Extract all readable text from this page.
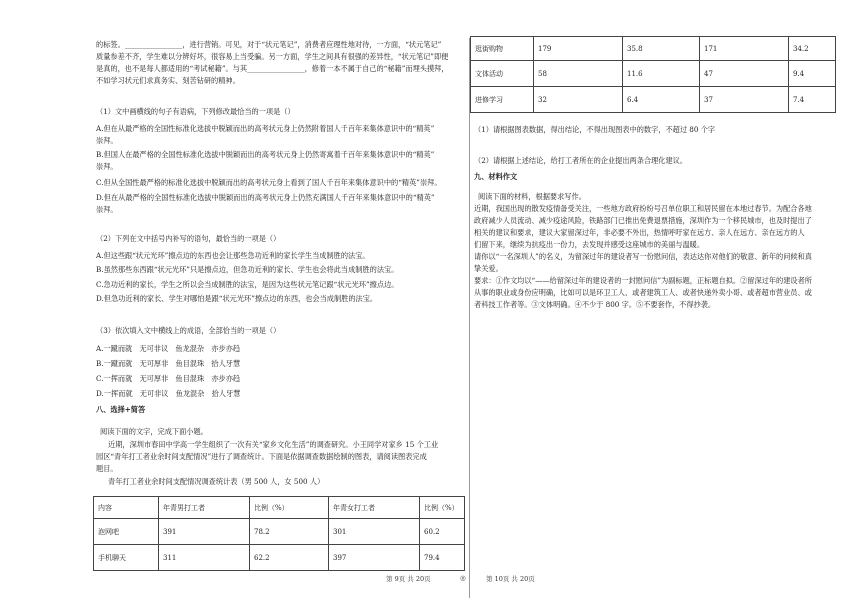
的标签。________________，进行营销。可见，对于“状元笔记”，消费者应理性地对待，一方面，“状元笔记”
质量参差不齐，学生难以分辨好坏，很容易上当受骗。另一方面，学生之间具有很强的差异性，“状元笔记”即便
是真的，也不是每人都适用的“考试秘籍”。与其________________，修着一本不属于自己的“秘籍”而埋头摸拜，
不如学习状元们求真务实、刻苦钻研的精神。
（1）文中画横线的句子有语病，下列修改最恰当的一项是（）
A.但在从最严格的全国性标准化选拔中脱颖而出的高考状元身上仍然附着国人千百年来集体意识中的“精英”
崇拜。
B.但国人在最严格的全国性标准化选拔中脱颖而出的高考状元身上仍然寄寓着千百年来集体意识中的“精英”
崇拜。
C.但从全国性最严格的标准化选拔中脱颖而出的高考状元身上看到了国人千百年来集体意识中的“精英”崇拜。
D.但在从最严格的全国性标准化选拔中脱颖而出的高考状元身上仍然充满国人千百年来集体意识中的“精英”
崇拜。
（2）下列在文中括号内补写的语句，最恰当的一项是（）
A.但这些跟“状元光环”擦点边的东西也会让那些急功近利的家长学生当成制胜的法宝。
B.虽然那些东西跟“状元光环”只是擦点边，但急功近利的家长、学生也会将此当成制胜的法宝。
C.急功近利的家长，学生之所以会当成制胜的法宝，是因为这些状元笔记跟“状元光环”擦点边。
D.但急功近利的家长、学生对哪怕是跟“状元光环”擦点边的东西，也会当成制胜的法宝。
（3）依次填入文中横线上的成语，全部恰当的一项是（）
A.一蹴而就　无可非议　鱼龙混杂　亦步亦趋
B.一蹴而就　无可厚非　鱼目混珠　拾人牙慧
C.一挥而就　无可厚非　鱼目混珠　亦步亦趋
D.一挥而就　无可非议　鱼龙混杂　拾人牙慧
八、选择+简答
阅读下面的文字，完成下面小题。
近期，深圳市春田中学高一学生组织了一次有关“家乡文化生活”的调查研究。小王同学对家乡 15 个工业
园区“青年打工者业余时间支配情况”进行了调查统计。下面是依据调查数据绘制的图表，请阅读图表完成
题目。
青年打工者业余时间支配情况调查统计表（男 500 人，女 500 人）
内容	年青男打工者	比例（%）	年青女打工者	比例（%）
泡网吧	391	78.2	301	60.2
手机聊天	311	62.2	397	79.4
逛街购物	179	35.8	171	34.2
文体活动	58	11.6	47	9.4
进修学习	32	6.4	37	7.4
（1）请根据图表数据，得出结论，不得出现图表中的数字，不超过 80 个字
（2）请根据上述结论，给打工者所在的企业提出两条合理化建议。
九、材料作文
阅读下面的材料，根据要求写作。
近期，我国出现的散发疫情备受关注，一些地方政府纷纷号召单位职工和居民留在本地过春节。为配合各地
政府减少人员流动、减少疫途风险，铁路部门已推出免费退票措施，深圳作为一个移民城市，也及时提出了
相关的建议和要求，建议大家留深过年，非必要不外出，热情呼吁家在远方、亲人在远方、亲在远方的人
们留下来，继续为抗疫出一份力，去发现并感受这座城市的美丽与温暖。
请你以“一名深圳人”的名义，为留深过年的建设者写一份慰问信，表达达你对他们的敬意、新年的问候和真
挚关爱。
要求：①作文均以“——给留深过年的建设者的一封慰问信”为副标题，正标题自拟。②留深过年的建设者所
从事的职业或身份应明确，比如可以是环卫工人、或者建筑工人、或者快递外卖小哥、或者超市营业员、或
者科技工作者等。③文体明确。④不少于 800 字。⑤不要套作，不得抄袭。
第 9页 共 20页	◎	第 10页 共 20页
